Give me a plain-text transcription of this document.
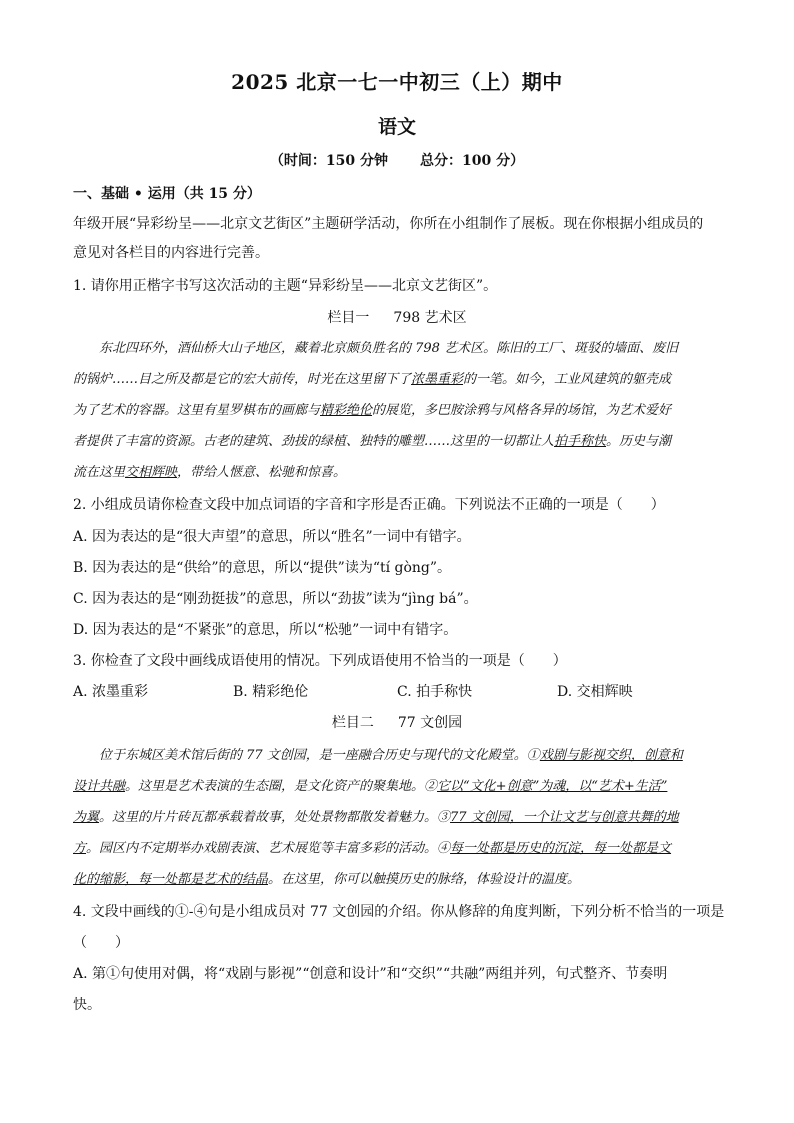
2025 北京一七一中初三（上）期中
语文
（时间：150 分钟 总分：100 分）
一、基础 • 运用（共 15 分）
年级开展“异彩纷呈——北京文艺街区”主题研学活动，你所在小组制作了展板。现在你根据小组成员的
意见对各栏目的内容进行完善。
1. 请你用正楷字书写这次活动的主题“异彩纷呈——北京文艺街区”。
栏目一 798 艺术区
东北四环外，酒仙桥大山子地区，藏着北京颇负胜名的 798 艺术区。陈旧的工厂、斑驳的墙面、废旧
的锅炉……目之所及都是它的宏大前传，时光在这里留下了浓墨重彩的一笔。如今，工业风建筑的躯壳成
为了艺术的容器。这里有星罗棋布的画廊与精彩绝伦的展览，多巴胺涂鸦与风格各异的场馆，为艺术爱好
者提供了丰富的资源。古老的建筑、劲拔的绿植、独特的雕塑……这里的一切都让人拍手称快。历史与潮
流在这里交相辉映，带给人惬意、松驰和惊喜。
2. 小组成员请你检查文段中加点词语的字音和字形是否正确。下列说法不正确的一项是（　　）
A. 因为表达的是“很大声望”的意思，所以“胜名”一词中有错字。
B. 因为表达的是“供给”的意思，所以“提供”读为“tí gòng”。
C. 因为表达的是“刚劲挺拔”的意思，所以“劲拔”读为“jìng bá”。
D. 因为表达的是“不紧张”的意思，所以“松驰”一词中有错字。
3. 你检查了文段中画线成语使用的情况。下列成语使用不恰当的一项是（　　）
A. 浓墨重彩	B. 精彩绝伦	C. 拍手称快	D. 交相辉映
栏目二 77 文创园
位于东城区美术馆后街的 77 文创园，是一座融合历史与现代的文化殿堂。①戏剧与影视交织，创意和
设计共融。这里是艺术表演的生态圈，是文化资产的聚集地。②它以“文化+创意”为魂，以“艺术+生活”
为翼。这里的片片砖瓦都承载着故事，处处景物都散发着魅力。③77 文创园，一个让文艺与创意共舞的地
方。园区内不定期举办戏剧表演、艺术展览等丰富多彩的活动。④每一处都是历史的沉淀，每一处都是文
化的缩影，每一处都是艺术的结晶。在这里，你可以触摸历史的脉络，体验设计的温度。
4. 文段中画线的①-④句是小组成员对 77 文创园的介绍。你从修辞的角度判断，下列分析不恰当的一项是
（　　）
A. 第①句使用对偶，将“戏剧与影视”“创意和设计”和“交织”“共融”两组并列，句式整齐、节奏明
快。
